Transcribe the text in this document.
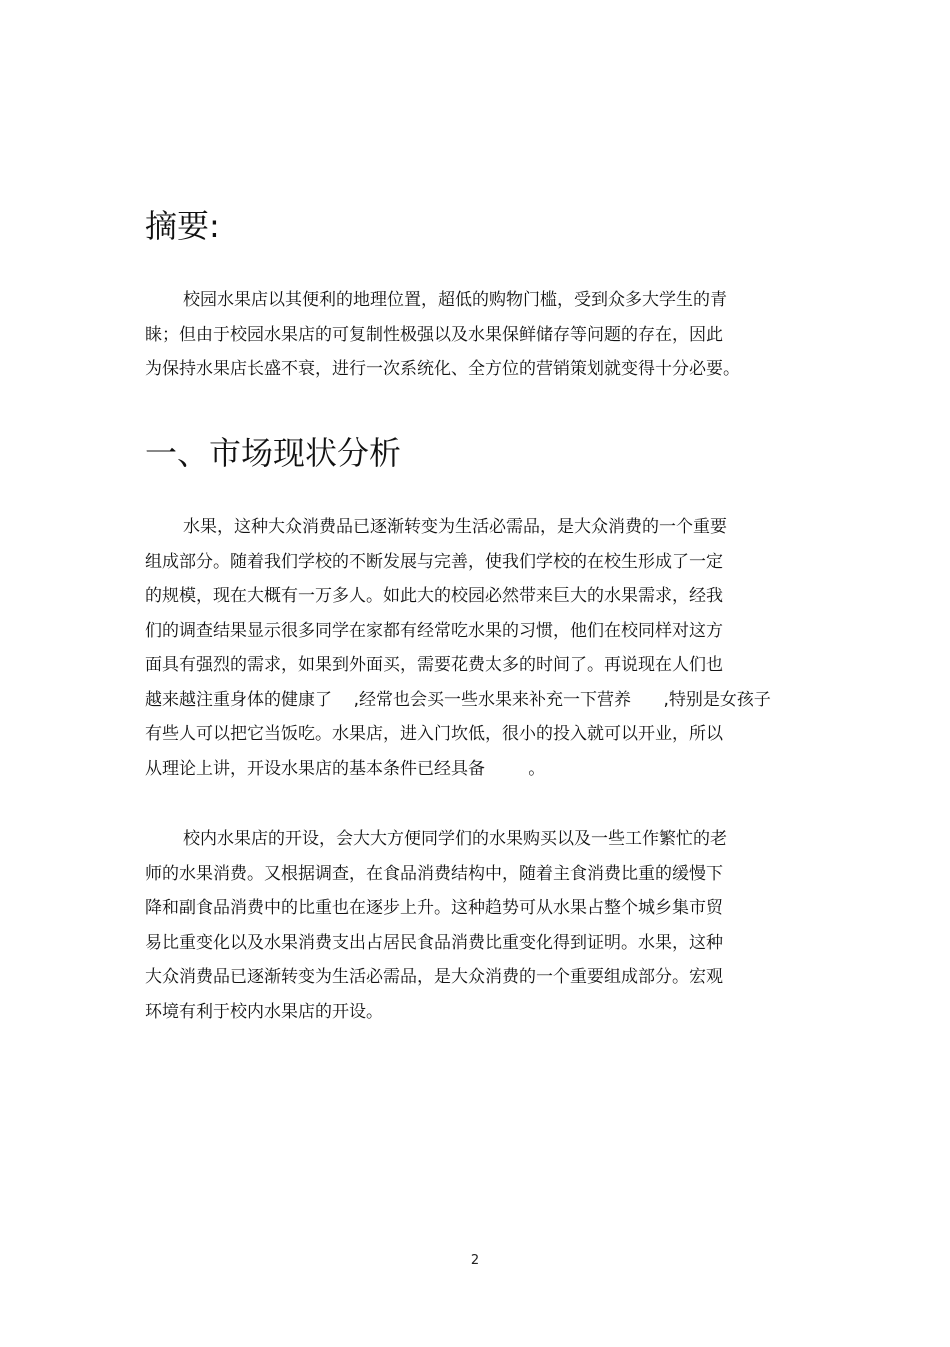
摘要:
校园水果店以其便利的地理位置，超低的购物门槛，受到众多大学生的青
睐；但由于校园水果店的可复制性极强以及水果保鲜储存等问题的存在，因此
为保持水果店长盛不衰，进行一次系统化、全方位的营销策划就变得十分必要。
一、市场现状分析
水果，这种大众消费品已逐渐转变为生活必需品，是大众消费的一个重要
组成部分。随着我们学校的不断发展与完善，使我们学校的在校生形成了一定
的规模，现在大概有一万多人。如此大的校园必然带来巨大的水果需求，经我
们的调查结果显示很多同学在家都有经常吃水果的习惯，他们在校同样对这方
面具有强烈的需求，如果到外面买，需要花费太多的时间了。再说现在人们也
越来越注重身体的健康了    ,经常也会买一些水果来补充一下营养      ,特别是女孩子
有些人可以把它当饭吃。水果店，进入门坎低，很小的投入就可以开业，所以
从理论上讲，开设水果店的基本条件已经具备        。
校内水果店的开设，会大大方便同学们的水果购买以及一些工作繁忙的老
师的水果消费。又根据调查，在食品消费结构中，随着主食消费比重的缓慢下
降和副食品消费中的比重也在逐步上升。这种趋势可从水果占整个城乡集市贸
易比重变化以及水果消费支出占居民食品消费比重变化得到证明。水果，这种
大众消费品已逐渐转变为生活必需品，是大众消费的一个重要组成部分。宏观
环境有利于校内水果店的开设。
2
